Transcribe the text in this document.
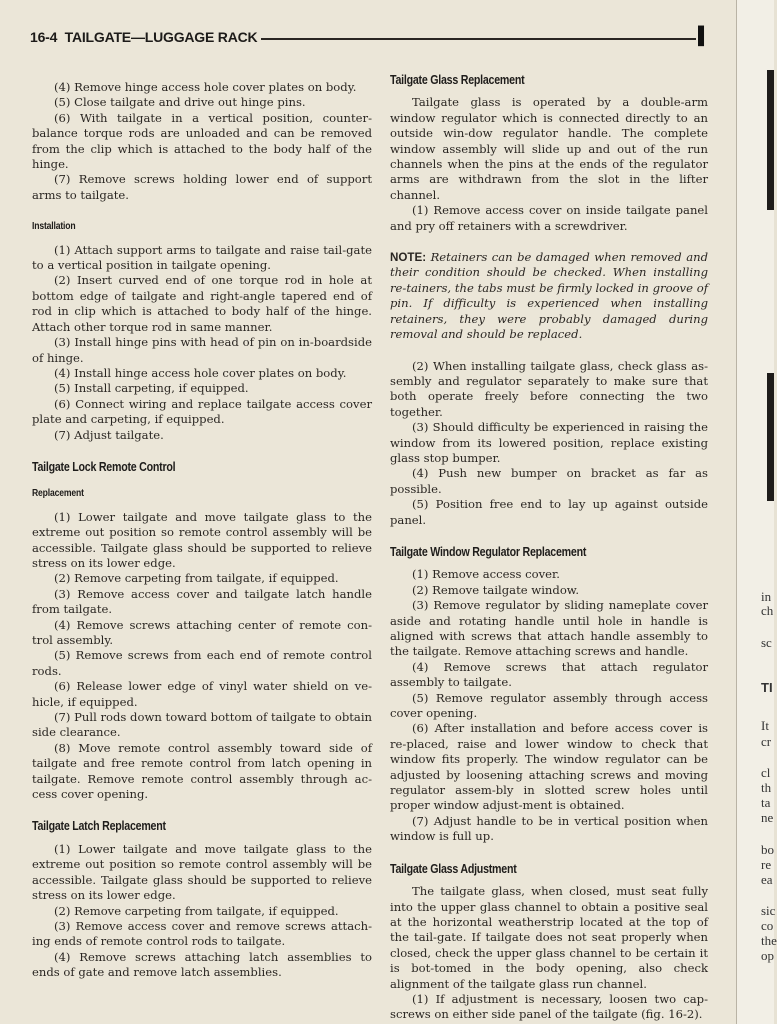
16-4 TAILGATE—LUGGAGE RACK	▌

(4) Remove hinge access hole cover plates on body.

(5) Close tailgate and drive out hinge pins.

(6) With tailgate in a vertical position, counter-balance torque rods are unloaded and can be removed from the clip which is attached to the body half of the hinge.

(7) Remove screws holding lower end of support arms to tailgate.

Installation

(1) Attach support arms to tailgate and raise tail-gate to a vertical position in tailgate opening.

(2) Insert curved end of one torque rod in hole at bottom edge of tailgate and right-angle tapered end of rod in clip which is attached to body half of the hinge. Attach other torque rod in same manner.

(3) Install hinge pins with head of pin on in-boardside of hinge.

(4) Install hinge access hole cover plates on body.

(5) Install carpeting, if equipped.

(6) Connect wiring and replace tailgate access cover plate and carpeting, if equipped.

(7) Adjust tailgate.

Tailgate Lock Remote Control
Replacement

(1) Lower tailgate and move tailgate glass to the extreme out position so remote control assembly will be accessible. Tailgate glass should be supported to relieve stress on its lower edge.

(2) Remove carpeting from tailgate, if equipped.

(3) Remove access cover and tailgate latch handle from tailgate.

(4) Remove screws attaching center of remote con-trol assembly.

(5) Remove screws from each end of remote control rods.

(6) Release lower edge of vinyl water shield on ve-hicle, if equipped.

(7) Pull rods down toward bottom of tailgate to obtain side clearance.

(8) Move remote control assembly toward side of tailgate and free remote control from latch opening in tailgate. Remove remote control assembly through ac-cess cover opening.

Tailgate Latch Replacement

(1) Lower tailgate and move tailgate glass to the extreme out position so remote control assembly will be accessible. Tailgate glass should be supported to relieve stress on its lower edge.

(2) Remove carpeting from tailgate, if equipped.

(3) Remove access cover and remove screws attach-ing ends of remote control rods to tailgate.

(4) Remove screws attaching latch assemblies to ends of gate and remove latch assemblies.

Tailgate Glass Replacement

Tailgate glass is operated by a double-arm window regulator which is connected directly to an outside win-dow regulator handle. The complete window assembly will slide up and out of the run channels when the pins at the ends of the regulator arms are withdrawn from the slot in the lifter channel.

(1) Remove access cover on inside tailgate panel and pry off retainers with a screwdriver.

NOTE: Retainers can be damaged when removed and their condition should be checked. When installing re-tainers, the tabs must be firmly locked in groove of pin. If difficulty is experienced when installing retainers, they were probably damaged during removal and should be replaced.

(2) When installing tailgate glass, check glass as-sembly and regulator separately to make sure that both operate freely before connecting the two together.

(3) Should difficulty be experienced in raising the window from its lowered position, replace existing glass stop bumper.

(4) Push new bumper on bracket as far as possible.

(5) Position free end to lay up against outside panel.

Tailgate Window Regulator Replacement

(1) Remove access cover.

(2) Remove tailgate window.

(3) Remove regulator by sliding nameplate cover aside and rotating handle until hole in handle is aligned with screws that attach handle assembly to the tailgate. Remove attaching screws and handle.

(4) Remove screws that attach regulator assembly to tailgate.

(5) Remove regulator assembly through access cover opening.

(6) After installation and before access cover is re-placed, raise and lower window to check that window fits properly. The window regulator can be adjusted by loosening attaching screws and moving regulator assem-bly in slotted screw holes until proper window adjust-ment is obtained.

(7) Adjust handle to be in vertical position when window is full up.

Tailgate Glass Adjustment

The tailgate glass, when closed, must seat fully into the upper glass channel to obtain a positive seal at the horizontal weatherstrip located at the top of the tail-gate. If tailgate does not seat properly when closed, check the upper glass channel to be certain it is bot-tomed in the body opening, also check alignment of the tailgate glass run channel.

(1) If adjustment is necessary, loosen two cap-screws on either side panel of the tailgate (fig. 16-2).

in
ch
sc
TI
It
cr
cl
th
ta
ne
bo
re
ea
sic
co
the
op
